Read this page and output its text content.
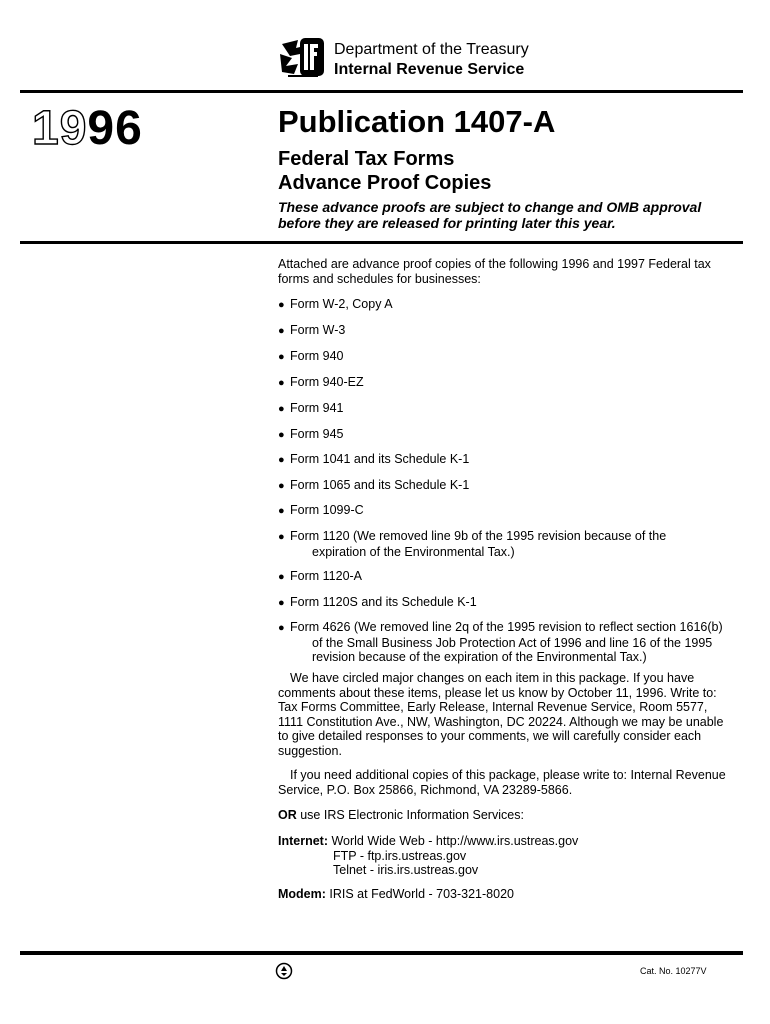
Department of the Treasury
Internal Revenue Service
1996	Publication 1407-A
Federal Tax Forms
Advance Proof Copies
These advance proofs are subject to change and OMB approval before they are released for printing later this year.
Attached are advance proof copies of the following 1996 and 1997 Federal tax forms and schedules for businesses:
● Form W-2, Copy A
● Form W-3
● Form 940
● Form 940-EZ
● Form 941
● Form 945
● Form 1041 and its Schedule K-1
● Form 1065 and its Schedule K-1
● Form 1099-C
● Form 1120 (We removed line 9b of the 1995 revision because of the
expiration of the Environmental Tax.)
● Form 1120-A
● Form 1120S and its Schedule K-1
● Form 4626 (We removed line 2q of the 1995 revision to reflect section 1616(b)
of the Small Business Job Protection Act of 1996 and line 16 of the 1995 revision because of the expiration of the Environmental Tax.)
We have circled major changes on each item in this package. If you have comments about these items, please let us know by October 11, 1996. Write to: Tax Forms Committee, Early Release, Internal Revenue Service, Room 5577, 1111 Constitution Ave., NW, Washington, DC 20224. Although we may be unable to give detailed responses to your comments, we will carefully consider each suggestion.
If you need additional copies of this package, please write to: Internal Revenue Service, P.O. Box 25866, Richmond, VA 23289-5866.
OR use IRS Electronic Information Services:
Internet: World Wide Web - http://www.irs.ustreas.gov
FTP - ftp.irs.ustreas.gov
Telnet - iris.irs.ustreas.gov
Modem: IRIS at FedWorld - 703-321-8020
Cat. No. 10277V
